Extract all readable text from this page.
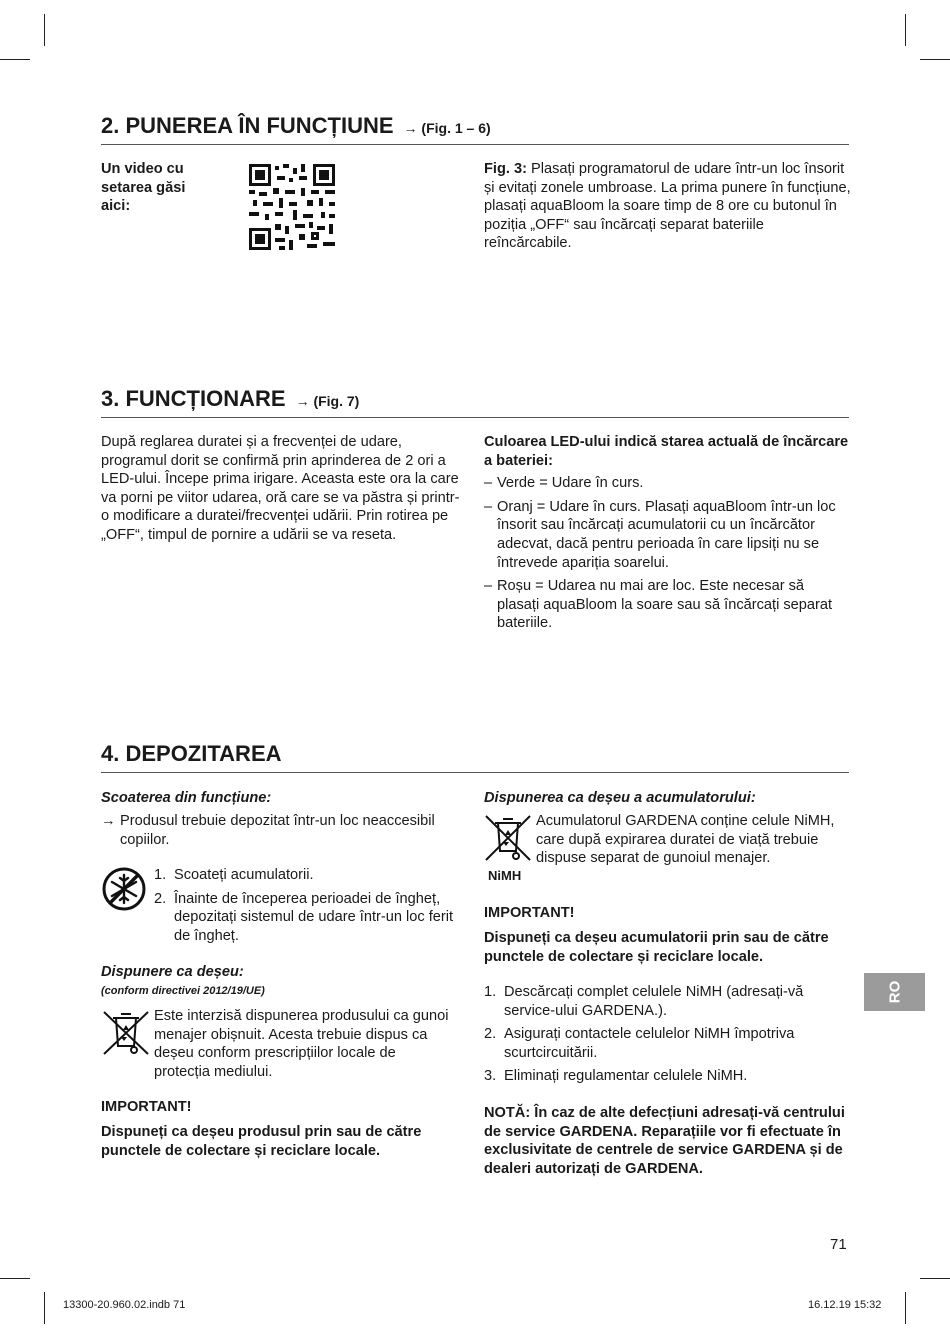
2. PUNEREA ÎN FUNCȚIUNE → (Fig. 1 – 6)
Un video cu setarea găsi aici:
Fig. 3: Plasați programatorul de udare într-un loc însorit și evitați zonele umbroase. La prima punere în funcțiune, plasați aquaBloom la soare timp de 8 ore cu butonul în poziția „OFF“ sau încărcați separat bateriile reîncărcabile.
3. FUNCȚIONARE → (Fig. 7)
După reglarea duratei și a frecvenței de udare, programul dorit se confirmă prin aprinderea de 2 ori a LED-ului. Începe prima irigare. Aceasta este ora la care va porni pe viitor udarea, oră care se va păstra și printr-o modificare a duratei/frecvenței udării. Prin rotirea pe „OFF“, timpul de pornire a udării se va reseta.
Culoarea LED-ului indică starea actuală de încărcare a bateriei:
– Verde = Udare în curs.
– Oranj = Udare în curs. Plasați aquaBloom într-un loc însorit sau încărcați acumulatorii cu un încărcător adecvat, dacă pentru perioada în care lipsiți nu se întrevede apariția soarelui.
– Roșu = Udarea nu mai are loc. Este necesar să plasați aquaBloom la soare sau să încărcați separat bateriile.
4. DEPOZITAREA
Scoaterea din funcțiune:
→ Produsul trebuie depozitat într-un loc neaccesibil copiilor.
1. Scoateți acumulatorii.
2. Înainte de începerea perioadei de îngheț, depozitați sistemul de udare într-un loc ferit de îngheț.
Dispunere ca deșeu:
(conform directivei 2012/19/UE)
Este interzisă dispunerea produsului ca gunoi menajer obișnuit. Acesta trebuie dispus ca deșeu conform prescripțiilor locale de protecția mediului.
IMPORTANT!
Dispuneți ca deșeu produsul prin sau de către punctele de colectare și reciclare locale.
Dispunerea ca deșeu a acumulatorului:
NiMH
Acumulatorul GARDENA conține celule NiMH, care după expirarea duratei de viață trebuie dispuse separat de gunoiul menajer.
IMPORTANT!
Dispuneți ca deșeu acumulatorii prin sau de către punctele de colectare și reciclare locale.
1. Descărcați complet celulele NiMH (adresați-vă service-ului GARDENA.).
2. Asigurați contactele celulelor NiMH împotriva scurtcircuitării.
3. Eliminați regulamentar celulele NiMH.
NOTĂ: În caz de alte defecțiuni adresați-vă centrului de service GARDENA. Reparațiile vor fi efectuate în exclusivitate de centrele de service GARDENA și de dealeri autorizați de GARDENA.
RO
71
13300-20.960.02.indb 71	16.12.19 15:32
